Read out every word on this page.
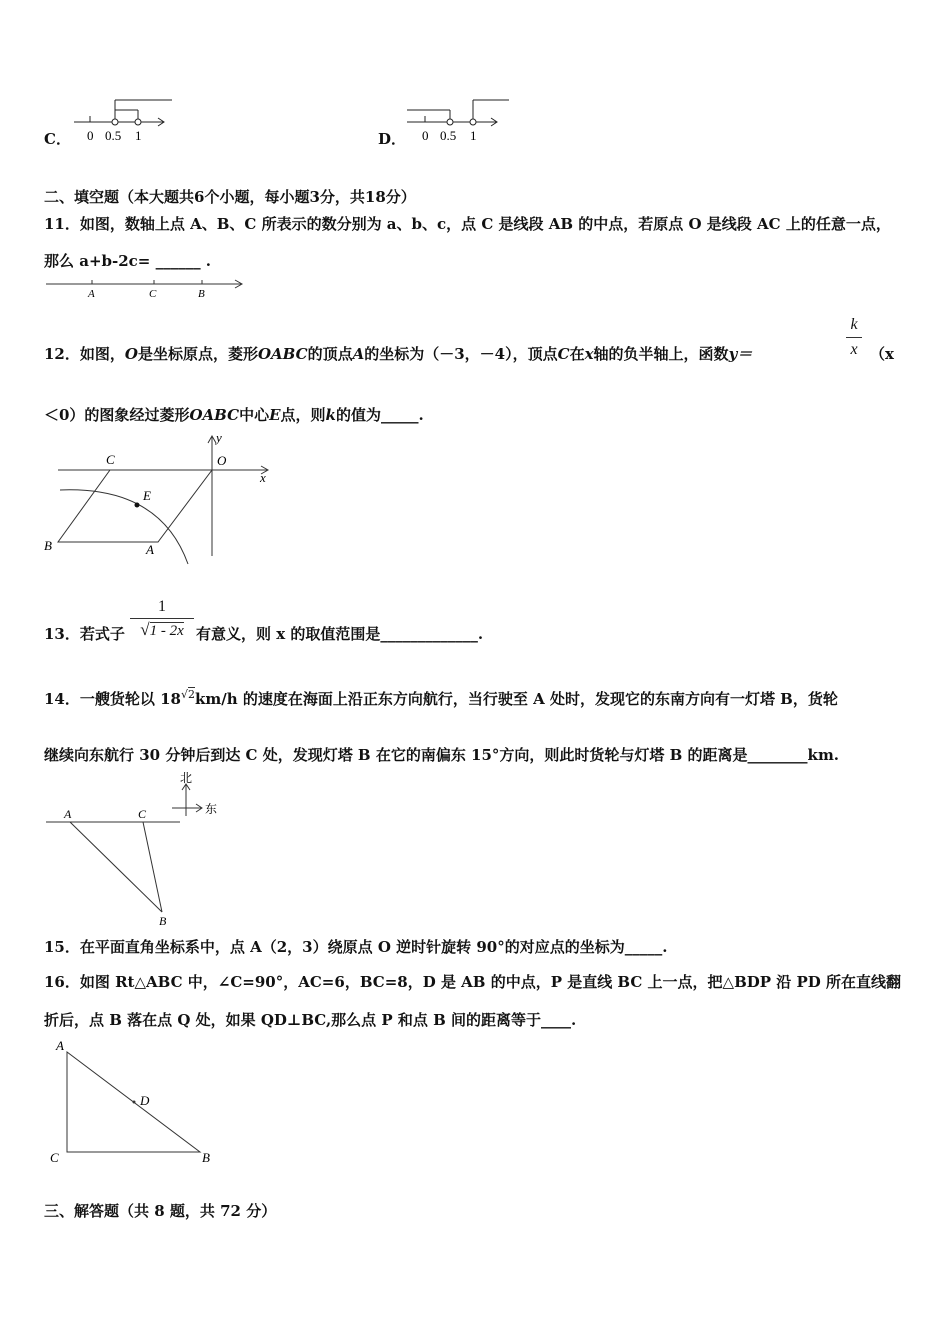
C． 0 0.5 1	D． 0 0.5 1
二、填空题（本大题共6个小题，每小题3分，共18分）
11．如图，数轴上点 A、B、C 所表示的数分别为 a、b、c，点 C 是线段 AB 的中点，若原点 O 是线段 AC 上的任意一点，
那么 a+b-2c= ______ .
A	C	B
12．如图，O是坐标原点，菱形OABC的顶点A的坐标为（－3，－4），顶点C在x轴的负半轴上，函数y＝
k
x （x
＜0）的图象经过菱形OABC中心E点，则k的值为_____.
y
C	O
x
E
B	A
13．若式子
1
√1 - 2x 有意义，则 x 的取值范围是_____________.
14．一艘货轮以 $18^{√2}km/h$ 的速度在海面上沿正东方向航行，当行驶至 A 处时，发现它的东南方向有一灯塔 B，货轮
继续向东航行 30 分钟后到达 C 处，发现灯塔 B 在它的南偏东 15°方向，则此时货轮与灯塔 B 的距离是________km.
北
东
A	C
B
15．在平面直角坐标系中，点 A（2，3）绕原点 O 逆时针旋转 90°的对应点的坐标为_____.
16．如图 Rt△ABC 中，∠C=90°，AC=6，BC=8，D 是 AB 的中点，P 是直线 BC 上一点，把△BDP 沿 PD 所在直线翻
折后，点 B 落在点 Q 处，如果 QD⊥BC,那么点 P 和点 B 间的距离等于____.
A
D
C	B
三、解答题（共 8 题，共 72 分）
